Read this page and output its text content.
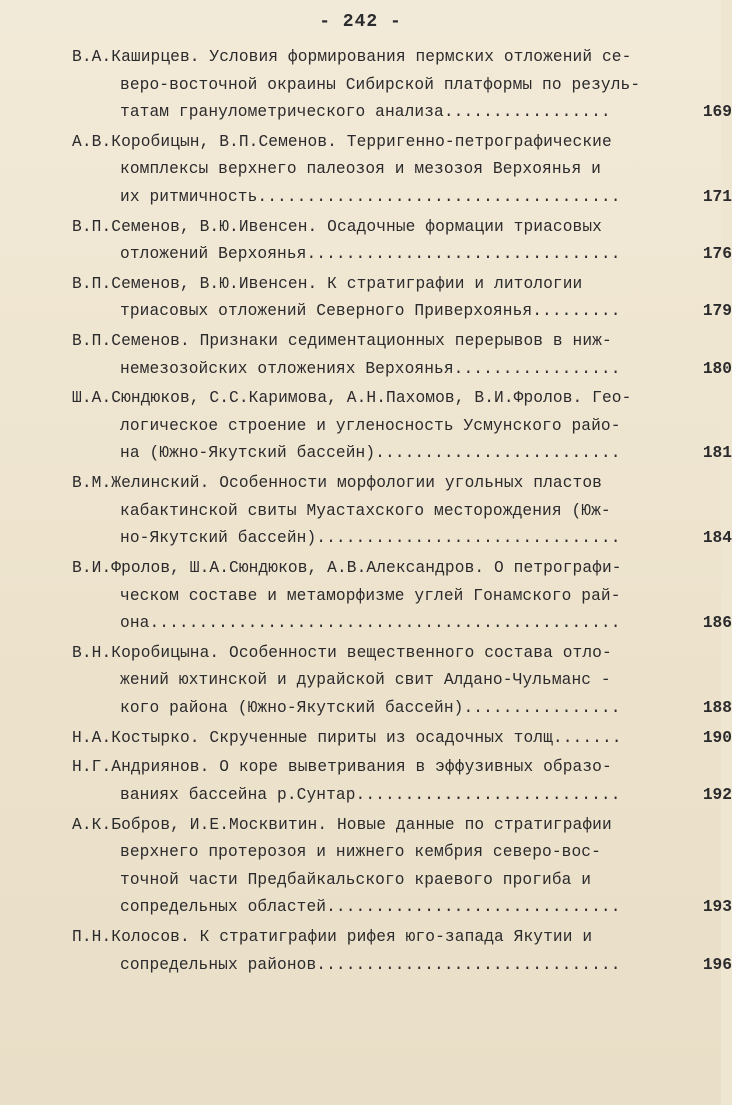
- 242 -
В.А.Каширцев. Условия формирования пермских отложений се-
веро-восточной окраины Сибирской платформы по резуль-
татам гранулометрического анализа.................	169
А.В.Коробицын, В.П.Семенов. Терригенно-петрографические
комплексы верхнего палеозоя и мезозоя Верхоянья и
их ритмичность.....................................	171
В.П.Семенов, В.Ю.Ивенсен. Осадочные формации триасовых
отложений Верхоянья................................	176
В.П.Семенов, В.Ю.Ивенсен. К стратиграфии и литологии
триасовых отложений Северного Приверхоянья.........	179
В.П.Семенов. Признаки седиментационных перерывов в ниж-
немезозойских отложениях Верхоянья.................	180
Ш.А.Сюндюков, С.С.Каримова, А.Н.Пахомов, В.И.Фролов. Гео-
логическое строение и угленосность Усмунского райо-
на (Южно-Якутский бассейн).........................	181
В.М.Желинский. Особенности морфологии угольных пластов
кабактинской свиты Муастахского месторождения (Юж-
но-Якутский бассейн)...............................	184
В.И.Фролов, Ш.А.Сюндюков, А.В.Александров. О петрографи-
ческом составе и метаморфизме углей Гонамского рай-
она................................................	186
В.Н.Коробицына. Особенности вещественного состава отло-
жений юхтинской и дурайской свит Алдано-Чульманс -
кого района (Южно-Якутский бассейн)................	188
Н.А.Костырко. Скрученные пириты из осадочных толщ.......	190
Н.Г.Андриянов. О коре выветривания в эффузивных образо-
ваниях бассейна р.Сунтар...........................	192
А.К.Бобров, И.Е.Москвитин. Новые данные по стратиграфии
верхнего протерозоя и нижнего кембрия северо-вос-
точной части Предбайкальского краевого прогиба и
сопредельных областей..............................	193
П.Н.Колосов. К стратиграфии рифея юго-запада Якутии и
сопредельных районов...............................	196
